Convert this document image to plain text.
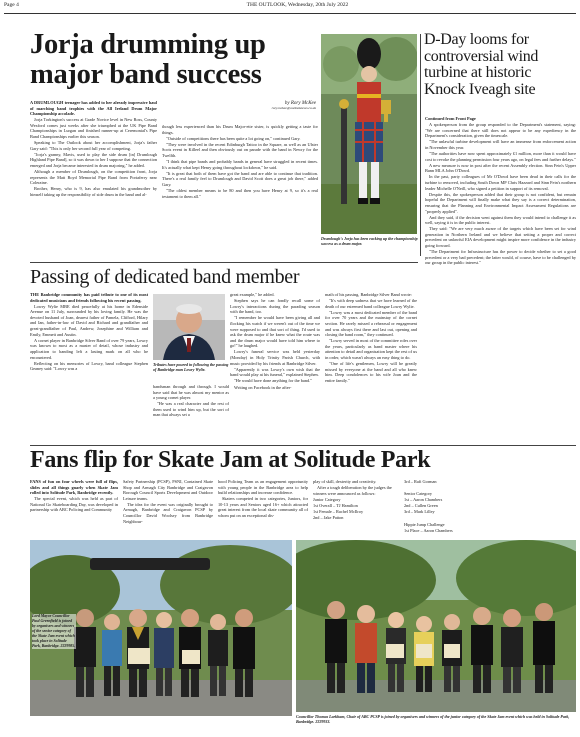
Page 4	THE OUTLOOK, Wednesday, 20th July 2022
Jorja drumming up major band success
by Rory McKee
rory.mckee@outlooknews.co.uk

A DRUMLOUGH teenager has added to her already impressive haul of marching band trophies with the All Ireland Drum Major Championship accolade.

Jorja Torkington's success at Grade Novice level in New Ross, County Wexford comes just weeks after she triumphed at the UK Pipe Band Championships in Lurgan and finished runner-up at Ceremonial's Pipe Band Championships earlier this season.

Speaking to The Outlook about her accomplishment, Jorja's father Gary said: "This is only her second full year of competing.

"Jorja's granny, Mavis, used to play the side drum [in] Drumlough Highland Pipe Band], so it was down to her I suppose that the connection emerged and Jorja became interested in drum majoring," he added.

Although a member of Drumlough, on the competition front, Jorja represents the Matt Boyd Memorial Pipe Band from Portaferry near Coleraine.

Brother, Henry, who is 9, has also emulated his grandmother by himself taking up the responsibility of side drum in the band and al-

though less experienced than his Drum Major-ette sister, is quickly getting a taste for things.

"Outside of competitions there has been quite a lot going on," continued Gary.

"They were involved in the recent Edinburgh Tattoo in the Square, as well as an Ulster Scots event in Killeel and then obviously out on parade with the band in Newry for the Twelfth.

"I think that pipe bands and probably bands in general have struggled in recent times. It's actually what kept Henry going throughout lockdown," he said.

"It is great that both of them have got the band and are able to continue that tradition. There's a real family feel to Drumlough and David Scott does a great job there," added Gary.

"The oldest member means to be 80 and then you have Henry at 9, so it's a real testament to them all."

Drumlough's Jorja has been racking up the championship success as a drum major.
D-Day looms for controversial wind turbine at historic Knock Iveagh site

Continued from Front Page

A spokesperson from the group responded to the Department's statement, saying: "We are concerned that there still does not appear to be any expediency in the Department's consideration, given the timescale.

"The unlawful turbine development will have an immense from enforcement action in November this year.

"The authorities have now spent approximately £1 million, more than it would have cost to revoke the planning permission four years ago, on legal fees and further delays."

A new measure is now in post after the recent Assembly election. Sinn Fein's Upper Bann MLA John O'Dowd.

In the past, party colleagues of Mr O'Dowd have been dead in their calls for the turbine to removed, including South Down MP Chris Hazzard and Sinn Fein's northern leader Michelle O'Neill, who signed a petition in support of its removal.

Despite this, the spokesperson added that their group is not confident, but remain hopeful the Department will finally make what they say is a correct determination, ensuring that the Planning and Environmental Impact Assessment Regulations are "properly applied".

And they said, if the decision went against them they would intend to challenge it as well, saying it is in the public interest.

They said: "We are very much aware of the targets which have been set for wind generation in Northern Ireland and we believe that setting a proper and correct precedent on unlawful EIA development might inspire more confidence in the industry going forward.

"The Department for Infrastructure has the power to decide whether to set a good precedent or a very bad precedent; the latter would, of course, have to be challenged by our group in the public interest."

Passing of dedicated band member

THE Banbridge community has paid tribute to one of its most dedicated musicians and friends following his recent passing.

Lowry Wylie MBE died peacefully at his home in Edenside Avenue on 11 July, surrounded by his loving family. He was the devoted husband of Joan, dearest father of Pamela, Clifford, Hilary and Ian, father-in-law of David and Richard and grandfather and great-grandfather of Paul, Andrew, Josephine and William and Emily, Emmett and Austin.

A cornet player in Banbridge Silver Band of over 79 years, Lowry was known to most as a master of detail, whose industry and application to banding left a lasting mark on all who he encountered.

Reflecting on his memories of Lowry, band colleague Stephen Geaney said: "Lowry was a

Tributes have poured in following the passing of Banbridge man Lowry Wylie.

bandsman through and through. I would have said that he was almost my mentor as a young cornet player.

"He was a real character and the rest of them used to wind him up, but the sort of man that always set a

great example," he added.

Stephen says he can fondly recall some of Lowry's interactions during the parading season with the band, too.

"I remember he would have been giving all and flocking his watch if we weren't out of the time we were supposed to and that sort of thing. I'd used to ask the drum major if he knew what the route was and the drum major would have told him where to go!" he laughed.

Lowry's funeral service was held yesterday (Monday) in Holy Trinity Parish Church, with music provided by his friends at Banbridge Silver.

"Apparently it was Lowry's own wish that the band would play at his funeral," explained Stephen.

"He would have done anything for the band."

Writing on Facebook in the after-

math of his passing, Banbridge Silver Band wrote:

"It's with deep sadness that we have learned of the death of our esteemed band colleague Lowry Wylie.

"Lowry was a most dedicated member of the band for over 70 years and the mainstay of the cornet section. He rarely missed a rehearsal or engagement and was always first there and last out, opening and closing the band room," they continued.

"Lowry served in most of the committee roles over the years, particularly as band master where his attention to detail and organisation kept the rest of us in order, which wasn't always an easy thing to do.

"One of life's gentlemen, Lowry will be greatly missed by everyone at the band and all who knew him. Deep condolences to his wife Joan and the entire family."

Fans flip for Skate Jam at Solitude Park

FANS of fun on four wheels were full of flips, slides and all things gnarly when Skate Jam rolled into Solitude Park, Banbridge recently.

The special event, which was held as part of National Go Skateboarding Day, was developed in partnership with ABC Policing and Community

Safety Partnership (PCSP), PSNI, Contained Skate Shop and Armagh City Banbridge and Craigavon Borough Council Sports Development and Outdoor Leisure teams.

The idea for the event was originally brought to Armagh, Banbridge and Craigavon PCSP by Councillor David Woolsey from Banbridge Neighbour-

hood Policing Team as an engagement opportunity with young people in the Banbridge area to help build relationships and increase confidence.

Skaters competed in two categories, Juniors, for 10-13 years and Seniors aged 16+ which attracted great interest from the local skate community all of whom put on an exceptional dis-

play of skill, dexterity and creativity.

After a tough deliberation by the judges the winners were announced as follows:

Junior Category

1st Overall – TJ Hamilton

1st Female – Rachel McIlroy

2nd – Jake Patton

3rd – Rafi Gorman

Senior Category

1st – Aaron Chambers

2nd – Cullen Green

3rd – Mark Lilley

Hippie Jump Challenge

1st Place – Aaron Chambers

Lord Mayor Councillor Paul Greenfield is joined by organisers and winners of the senior category of the Skate Jam event which took place in Solitude Park, Banbridge. 2229985.
Councillor Thomas Larkham, Chair of ABC PCSP is joined by organisers and winners of the junior category of the Skate Jam event which was held in Solitude Park, Banbridge. 2229933.
